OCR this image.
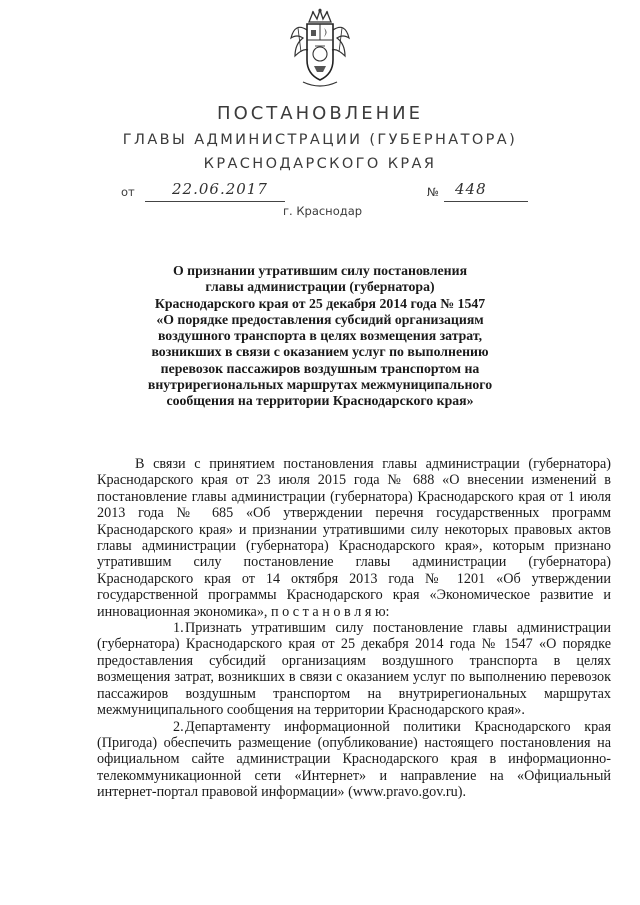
ПОСТАНОВЛЕНИЕ
ГЛАВЫ АДМИНИСТРАЦИИ (ГУБЕРНАТОРА)
КРАСНОДАРСКОГО КРАЯ
от 22.06.2017	№ 448
г. Краснодар
О признании утратившим силу постановления
главы администрации (губернатора)
Краснодарского края от 25 декабря 2014 года № 1547
«О порядке предоставления субсидий организациям
воздушного транспорта в целях возмещения затрат,
возникших в связи с оказанием услуг по выполнению
перевозок пассажиров воздушным транспортом на
внутрирегиональных маршрутах межмуниципального
сообщения на территории Краснодарского края»

В связи с принятием постановления главы администрации (губернатора) Краснодарского края от 23 июля 2015 года № 688 «О внесении изменений в постановление главы администрации (губернатора) Краснодарского края от 1 июля 2013 года № 685 «Об утверждении перечня государственных программ Краснодарского края» и признании утратившими силу некоторых правовых актов главы администрации (губернатора) Краснодарского края», которым признано утратившим силу постановление главы администрации (губернатора) Краснодарского края от 14 октября 2013 года № 1201 «Об утверждении государственной программы Краснодарского края «Экономическое развитие и инновационная экономика», п о с т а н о в л я ю:

1.Признать утратившим силу постановление главы администрации (губернатора) Краснодарского края от 25 декабря 2014 года № 1547 «О порядке предоставления субсидий организациям воздушного транспорта в целях возмещения затрат, возникших в связи с оказанием услуг по выполнению перевозок пассажиров воздушным транспортом на внутрирегиональных маршрутах межмуниципального сообщения на территории Краснодарского края».

2.Департаменту информационной политики Краснодарского края (Пригода) обеспечить размещение (опубликование) настоящего постановления на официальном сайте администрации Краснодарского края в информационно-телекоммуникационной сети «Интернет» и направление на «Официальный интернет-портал правовой информации» (www.pravo.gov.ru).
